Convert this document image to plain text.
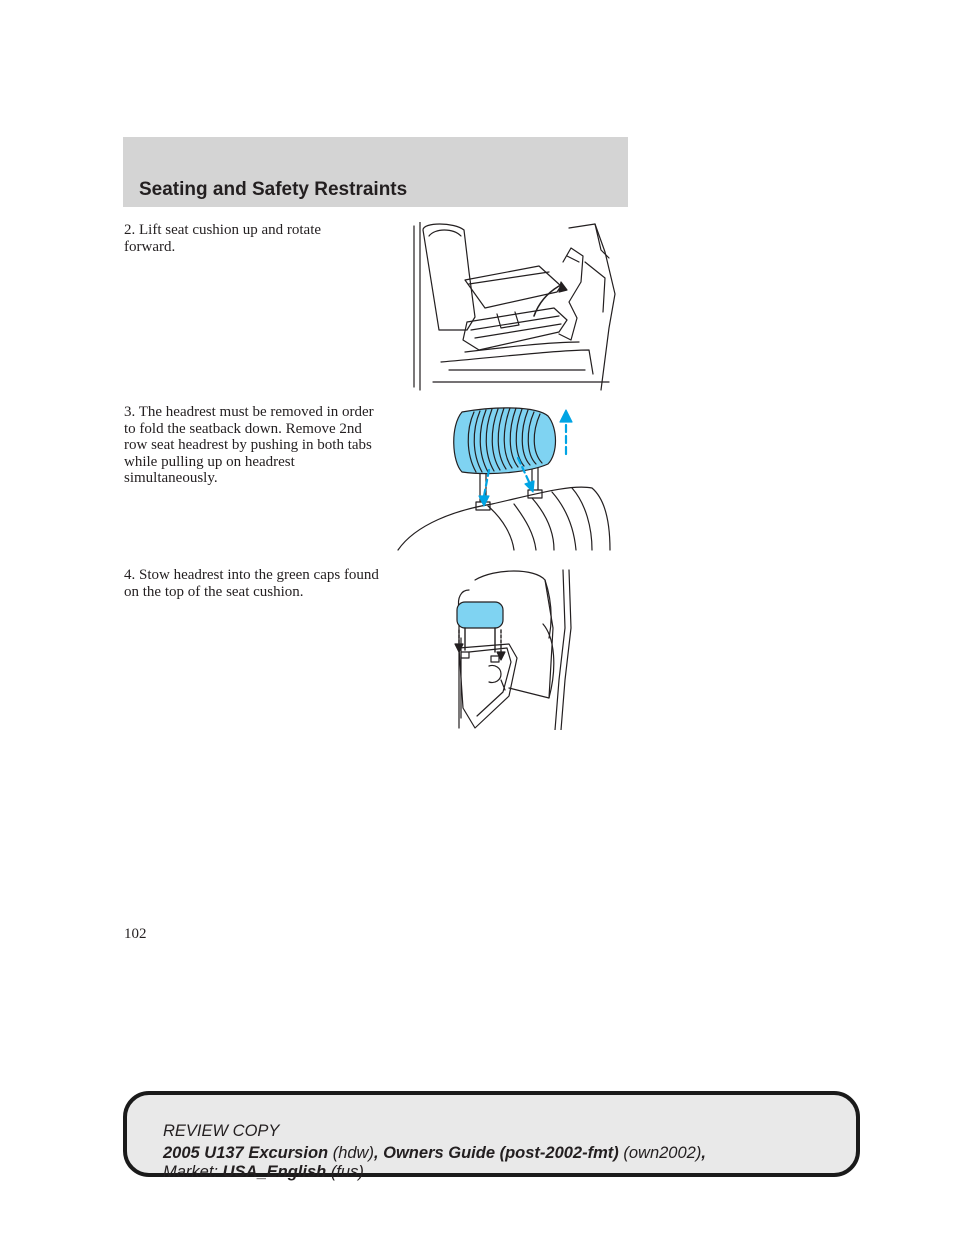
Seating and Safety Restraints

2. Lift seat cushion up and rotate forward.

3. The headrest must be removed in order to fold the seatback down. Remove 2nd row seat headrest by pushing in both tabs while pulling up on headrest simultaneously.

4. Stow headrest into the green caps found on the top of the seat cushion.

102

REVIEW COPY

2005 U137 Excursion (hdw), Owners Guide (post-2002-fmt) (own2002),

Market: USA_English (fus)
